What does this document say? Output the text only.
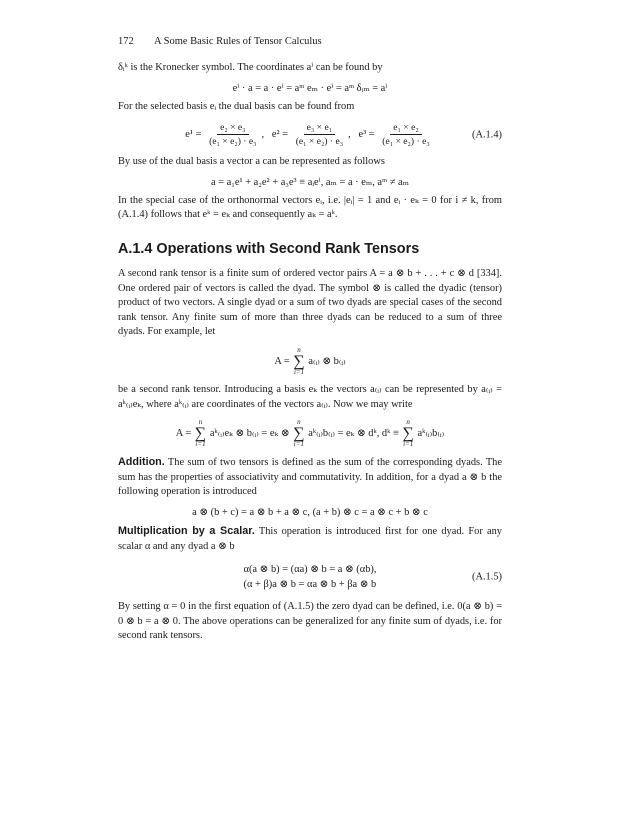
172	A Some Basic Rules of Tensor Calculus

δᵢᵏ is the Kronecker symbol. The coordinates aⁱ can be found by

eⁱ · a = a · eⁱ = aᵐ eₘ · eⁱ = aᵐ δᵢₘ = aⁱ

For the selected basis eᵢ the dual basis can be found from

$e^1 = \frac{\text{e₂ × e₃}}{\text{(e₁ × e₂) · e₃}}$ ,   $e^2 = \frac{\text{e₃ × e₁}}{\text{(e₁ × e₂) · e₃}}$ ,   $e^3 = \frac{\text{e₁ × e₂}}{\text{(e₁ × e₂) · e₃}}$	(A.1.4)

By use of the dual basis a vector a can be represented as follows

a = a₁e¹ + a₂e² + a₃e³ ≡ aᵢeⁱ, aₘ = a · eₘ, aᵐ ≠ aₘ

In the special case of the orthonormal vectors eᵢ, i.e. |eᵢ| = 1 and eᵢ · eₖ = 0 for i ≠ k, from (A.1.4) follows that eᵏ = eₖ and consequently aₖ = aᵏ.

A.1.4 Operations with Second Rank Tensors

A second rank tensor is a finite sum of ordered vector pairs A = a ⊗ b + . . . + c ⊗ d [334]. One ordered pair of vectors is called the dyad. The symbol ⊗ is called the dyadic (tensor) product of two vectors. A single dyad or a sum of two dyads are special cases of the second rank tensor. Any finite sum of more than three dyads can be reduced to a sum of three dyads. For example, let

A =
n
∑
i=1
a₍ᵢ₎ ⊗ b₍ᵢ₎

be a second rank tensor. Introducing a basis eₖ the vectors a₍ᵢ₎ can be represented by a₍ᵢ₎ = aᵏ₍ᵢ₎eₖ, where aᵏ₍ᵢ₎ are coordinates of the vectors a₍ᵢ₎. Now we may write

A =
n
∑
i=1
aᵏ₍ᵢ₎eₖ ⊗ b₍ᵢ₎ = eₖ ⊗
n
∑
i=1
aᵏ₍ᵢ₎b₍ᵢ₎ = eₖ ⊗ dᵏ, dᵏ ≡
n
∑
i=1
aᵏ₍ᵢ₎b₍ᵢ₎

Addition. The sum of two tensors is defined as the sum of the corresponding dyads. The sum has the properties of associativity and commutativity. In addition, for a dyad a ⊗ b the following operation is introduced

a ⊗ (b + c) = a ⊗ b + a ⊗ c, (a + b) ⊗ c = a ⊗ c + b ⊗ c

Multiplication by a Scalar. This operation is introduced first for one dyad. For any scalar α and any dyad a ⊗ b

α(a ⊗ b) = (αa) ⊗ b = a ⊗ (αb),
(α + β)a ⊗ b = αa ⊗ b + βa ⊗ b
(A.1.5)

By setting α = 0 in the first equation of (A.1.5) the zero dyad can be defined, i.e. 0(a ⊗ b) = 0 ⊗ b = a ⊗ 0. The above operations can be generalized for any finite sum of dyads, i.e. for second rank tensors.
